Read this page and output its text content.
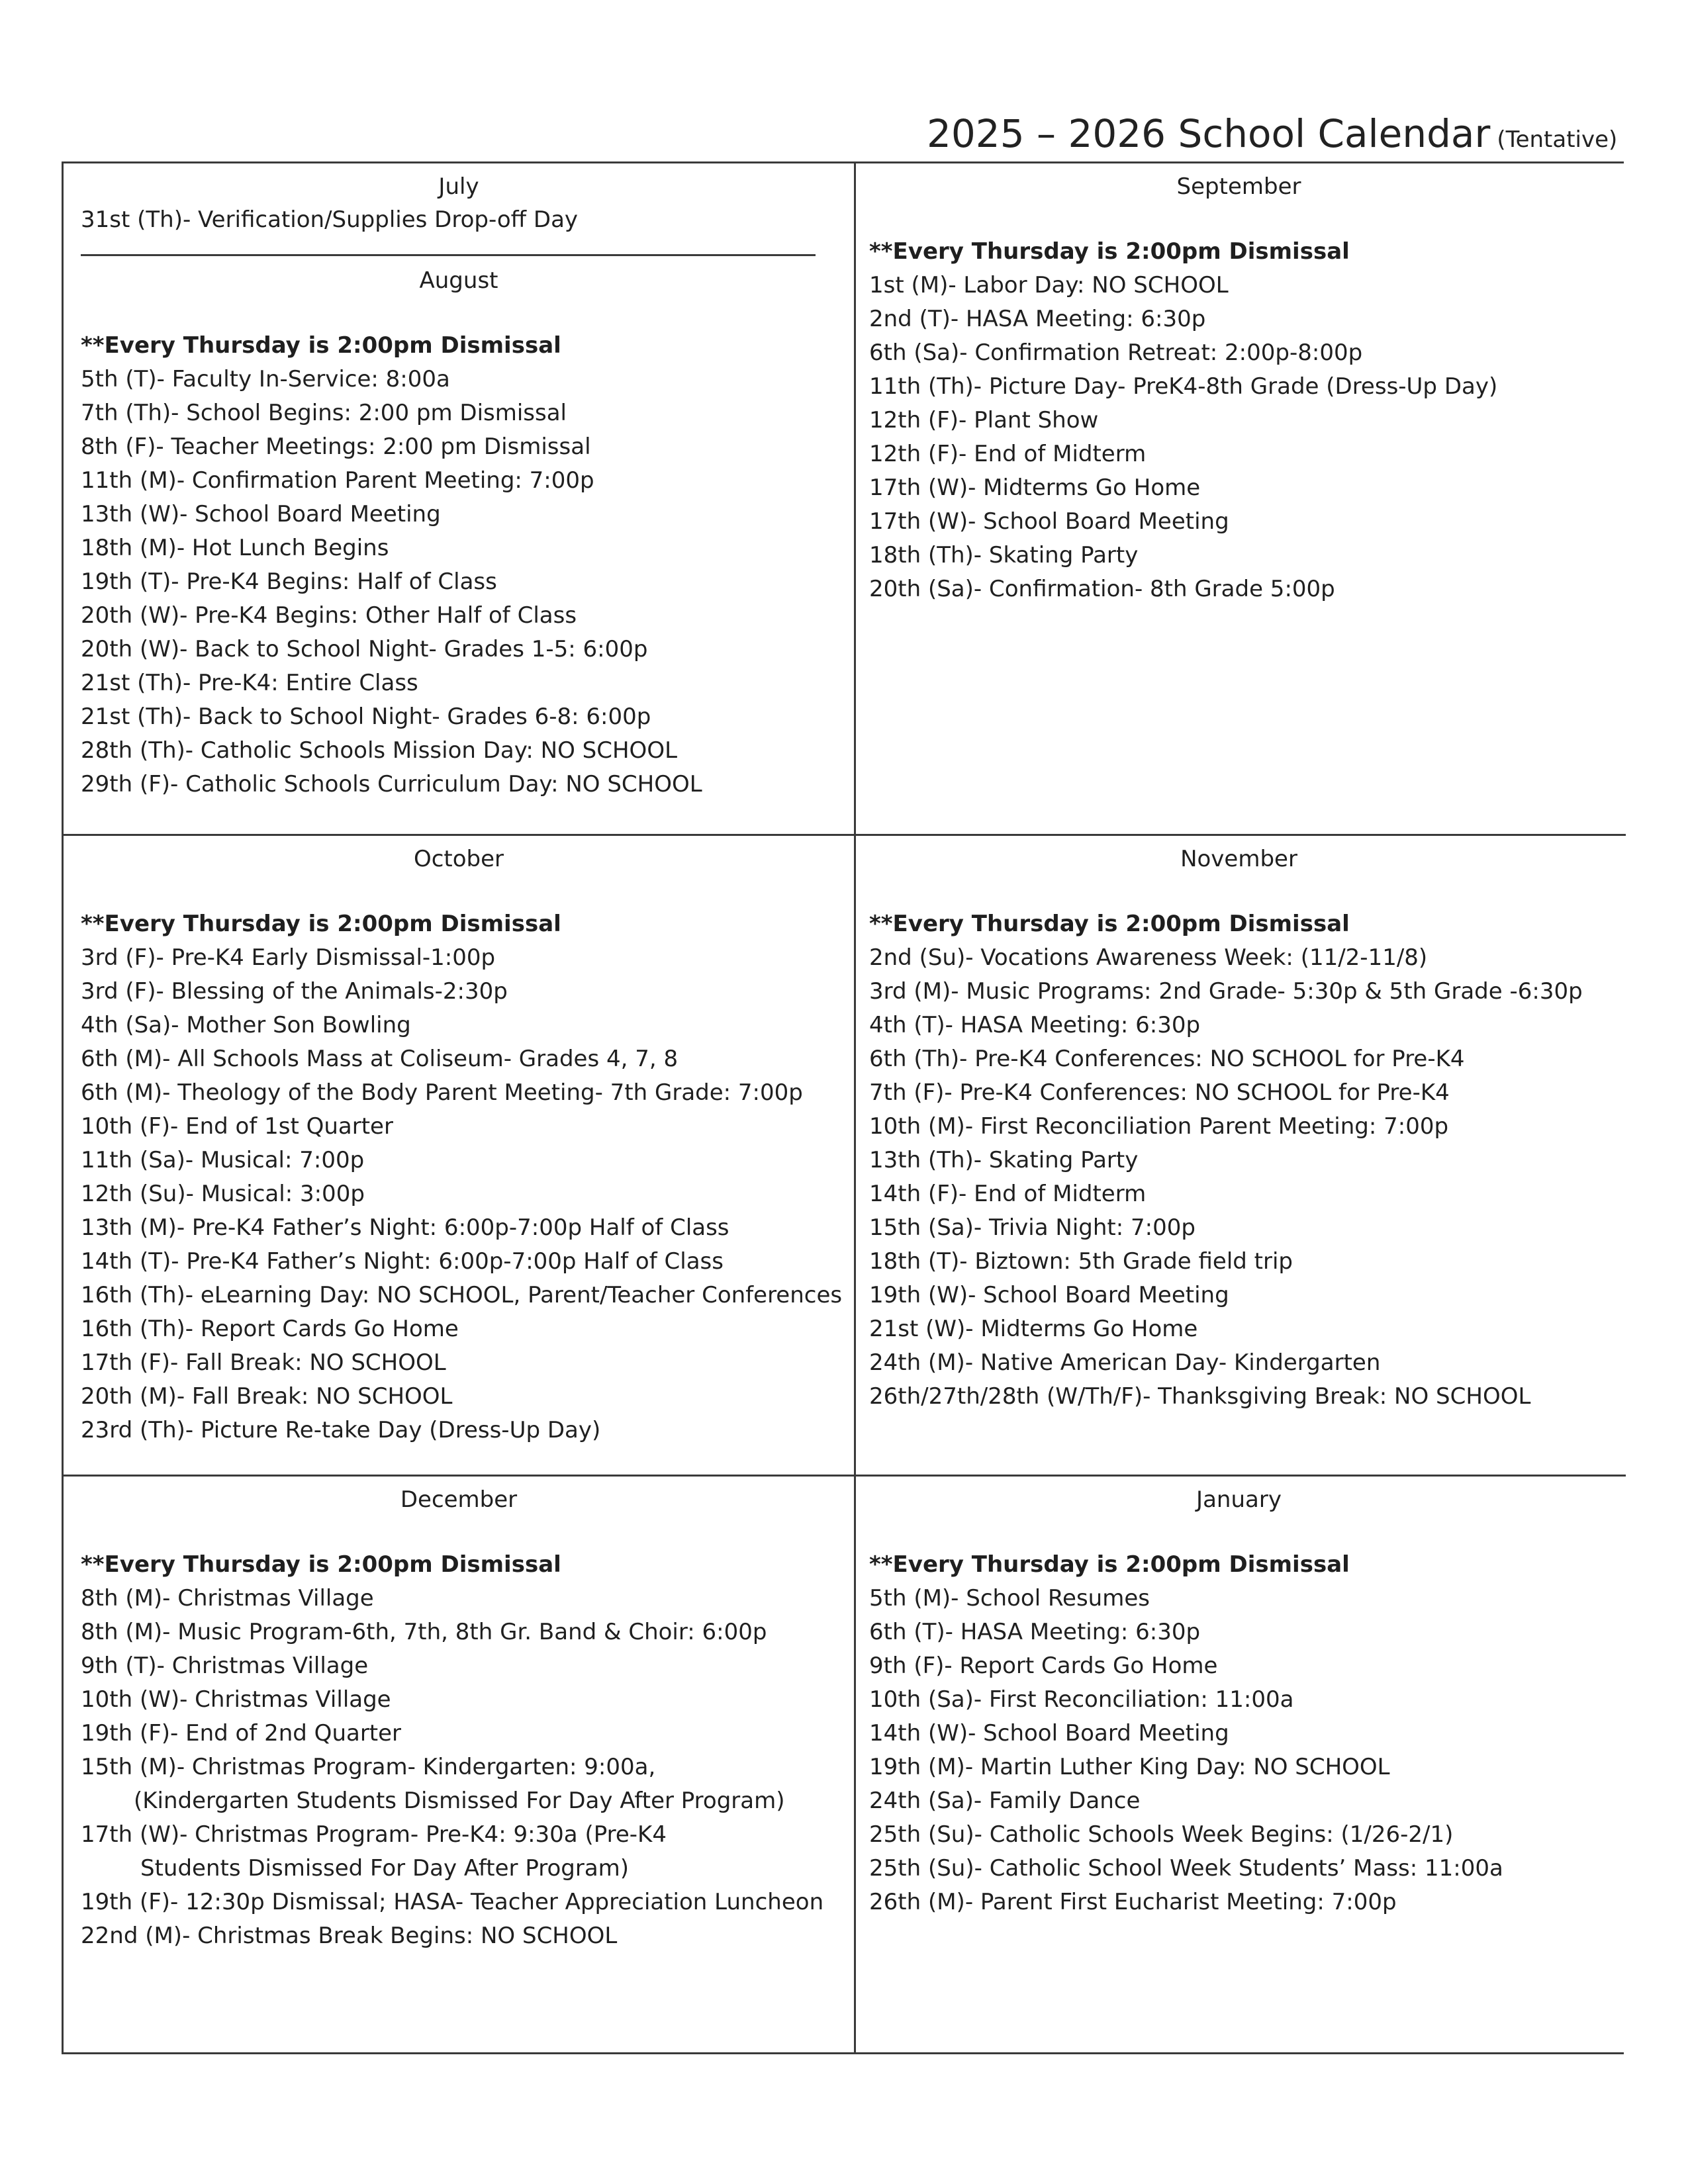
2025 – 2026 School Calendar (Tentative)
July
31st (Th)- Verification/Supplies Drop-off Day
August
**Every Thursday is 2:00pm Dismissal
5th (T)- Faculty In-Service: 8:00a
7th (Th)- School Begins: 2:00 pm Dismissal
8th (F)- Teacher Meetings: 2:00 pm Dismissal
11th (M)- Confirmation Parent Meeting: 7:00p
13th (W)- School Board Meeting
18th (M)- Hot Lunch Begins
19th (T)- Pre-K4 Begins: Half of Class
20th (W)- Pre-K4 Begins: Other Half of Class
20th (W)- Back to School Night- Grades 1-5: 6:00p
21st (Th)- Pre-K4: Entire Class
21st (Th)- Back to School Night- Grades 6-8: 6:00p
28th (Th)- Catholic Schools Mission Day: NO SCHOOL
29th (F)- Catholic Schools Curriculum Day: NO SCHOOL
September
**Every Thursday is 2:00pm Dismissal
1st (M)- Labor Day: NO SCHOOL
2nd (T)- HASA Meeting: 6:30p
6th (Sa)- Confirmation Retreat: 2:00p-8:00p
11th (Th)- Picture Day- PreK4-8th Grade (Dress-Up Day)
12th (F)- Plant Show
12th (F)- End of Midterm
17th (W)- Midterms Go Home
17th (W)- School Board Meeting
18th (Th)- Skating Party
20th (Sa)- Confirmation- 8th Grade 5:00p
October
**Every Thursday is 2:00pm Dismissal
3rd (F)- Pre-K4 Early Dismissal-1:00p
3rd (F)- Blessing of the Animals-2:30p
4th (Sa)- Mother Son Bowling
6th (M)- All Schools Mass at Coliseum- Grades 4, 7, 8
6th (M)- Theology of the Body Parent Meeting- 7th Grade: 7:00p
10th (F)- End of 1st Quarter
11th (Sa)- Musical: 7:00p
12th (Su)- Musical: 3:00p
13th (M)- Pre-K4 Father’s Night: 6:00p-7:00p Half of Class
14th (T)- Pre-K4 Father’s Night: 6:00p-7:00p Half of Class
16th (Th)- eLearning Day: NO SCHOOL, Parent/Teacher Conferences
16th (Th)- Report Cards Go Home
17th (F)- Fall Break: NO SCHOOL
20th (M)- Fall Break: NO SCHOOL
23rd (Th)- Picture Re-take Day (Dress-Up Day)
November
**Every Thursday is 2:00pm Dismissal
2nd (Su)- Vocations Awareness Week: (11/2-11/8)
3rd (M)- Music Programs: 2nd Grade- 5:30p & 5th Grade -6:30p
4th (T)- HASA Meeting: 6:30p
6th (Th)- Pre-K4 Conferences: NO SCHOOL for Pre-K4
7th (F)- Pre-K4 Conferences: NO SCHOOL for Pre-K4
10th (M)- First Reconciliation Parent Meeting: 7:00p
13th (Th)- Skating Party
14th (F)- End of Midterm
15th (Sa)- Trivia Night: 7:00p
18th (T)- Biztown: 5th Grade field trip
19th (W)- School Board Meeting
21st (W)- Midterms Go Home
24th (M)- Native American Day- Kindergarten
26th/27th/28th (W/Th/F)- Thanksgiving Break: NO SCHOOL
December
**Every Thursday is 2:00pm Dismissal
8th (M)- Christmas Village
8th (M)- Music Program-6th, 7th, 8th Gr. Band & Choir: 6:00p
9th (T)- Christmas Village
10th (W)- Christmas Village
19th (F)- End of 2nd Quarter
15th (M)- Christmas Program- Kindergarten: 9:00a,
(Kindergarten Students Dismissed For Day After Program)
17th (W)- Christmas Program- Pre-K4: 9:30a (Pre-K4
Students Dismissed For Day After Program)
19th (F)- 12:30p Dismissal; HASA- Teacher Appreciation Luncheon
22nd (M)- Christmas Break Begins: NO SCHOOL
January
**Every Thursday is 2:00pm Dismissal
5th (M)- School Resumes
6th (T)- HASA Meeting: 6:30p
9th (F)- Report Cards Go Home
10th (Sa)- First Reconciliation: 11:00a
14th (W)- School Board Meeting
19th (M)- Martin Luther King Day: NO SCHOOL
24th (Sa)- Family Dance
25th (Su)- Catholic Schools Week Begins: (1/26-2/1)
25th (Su)- Catholic School Week Students’ Mass: 11:00a
26th (M)- Parent First Eucharist Meeting: 7:00p
